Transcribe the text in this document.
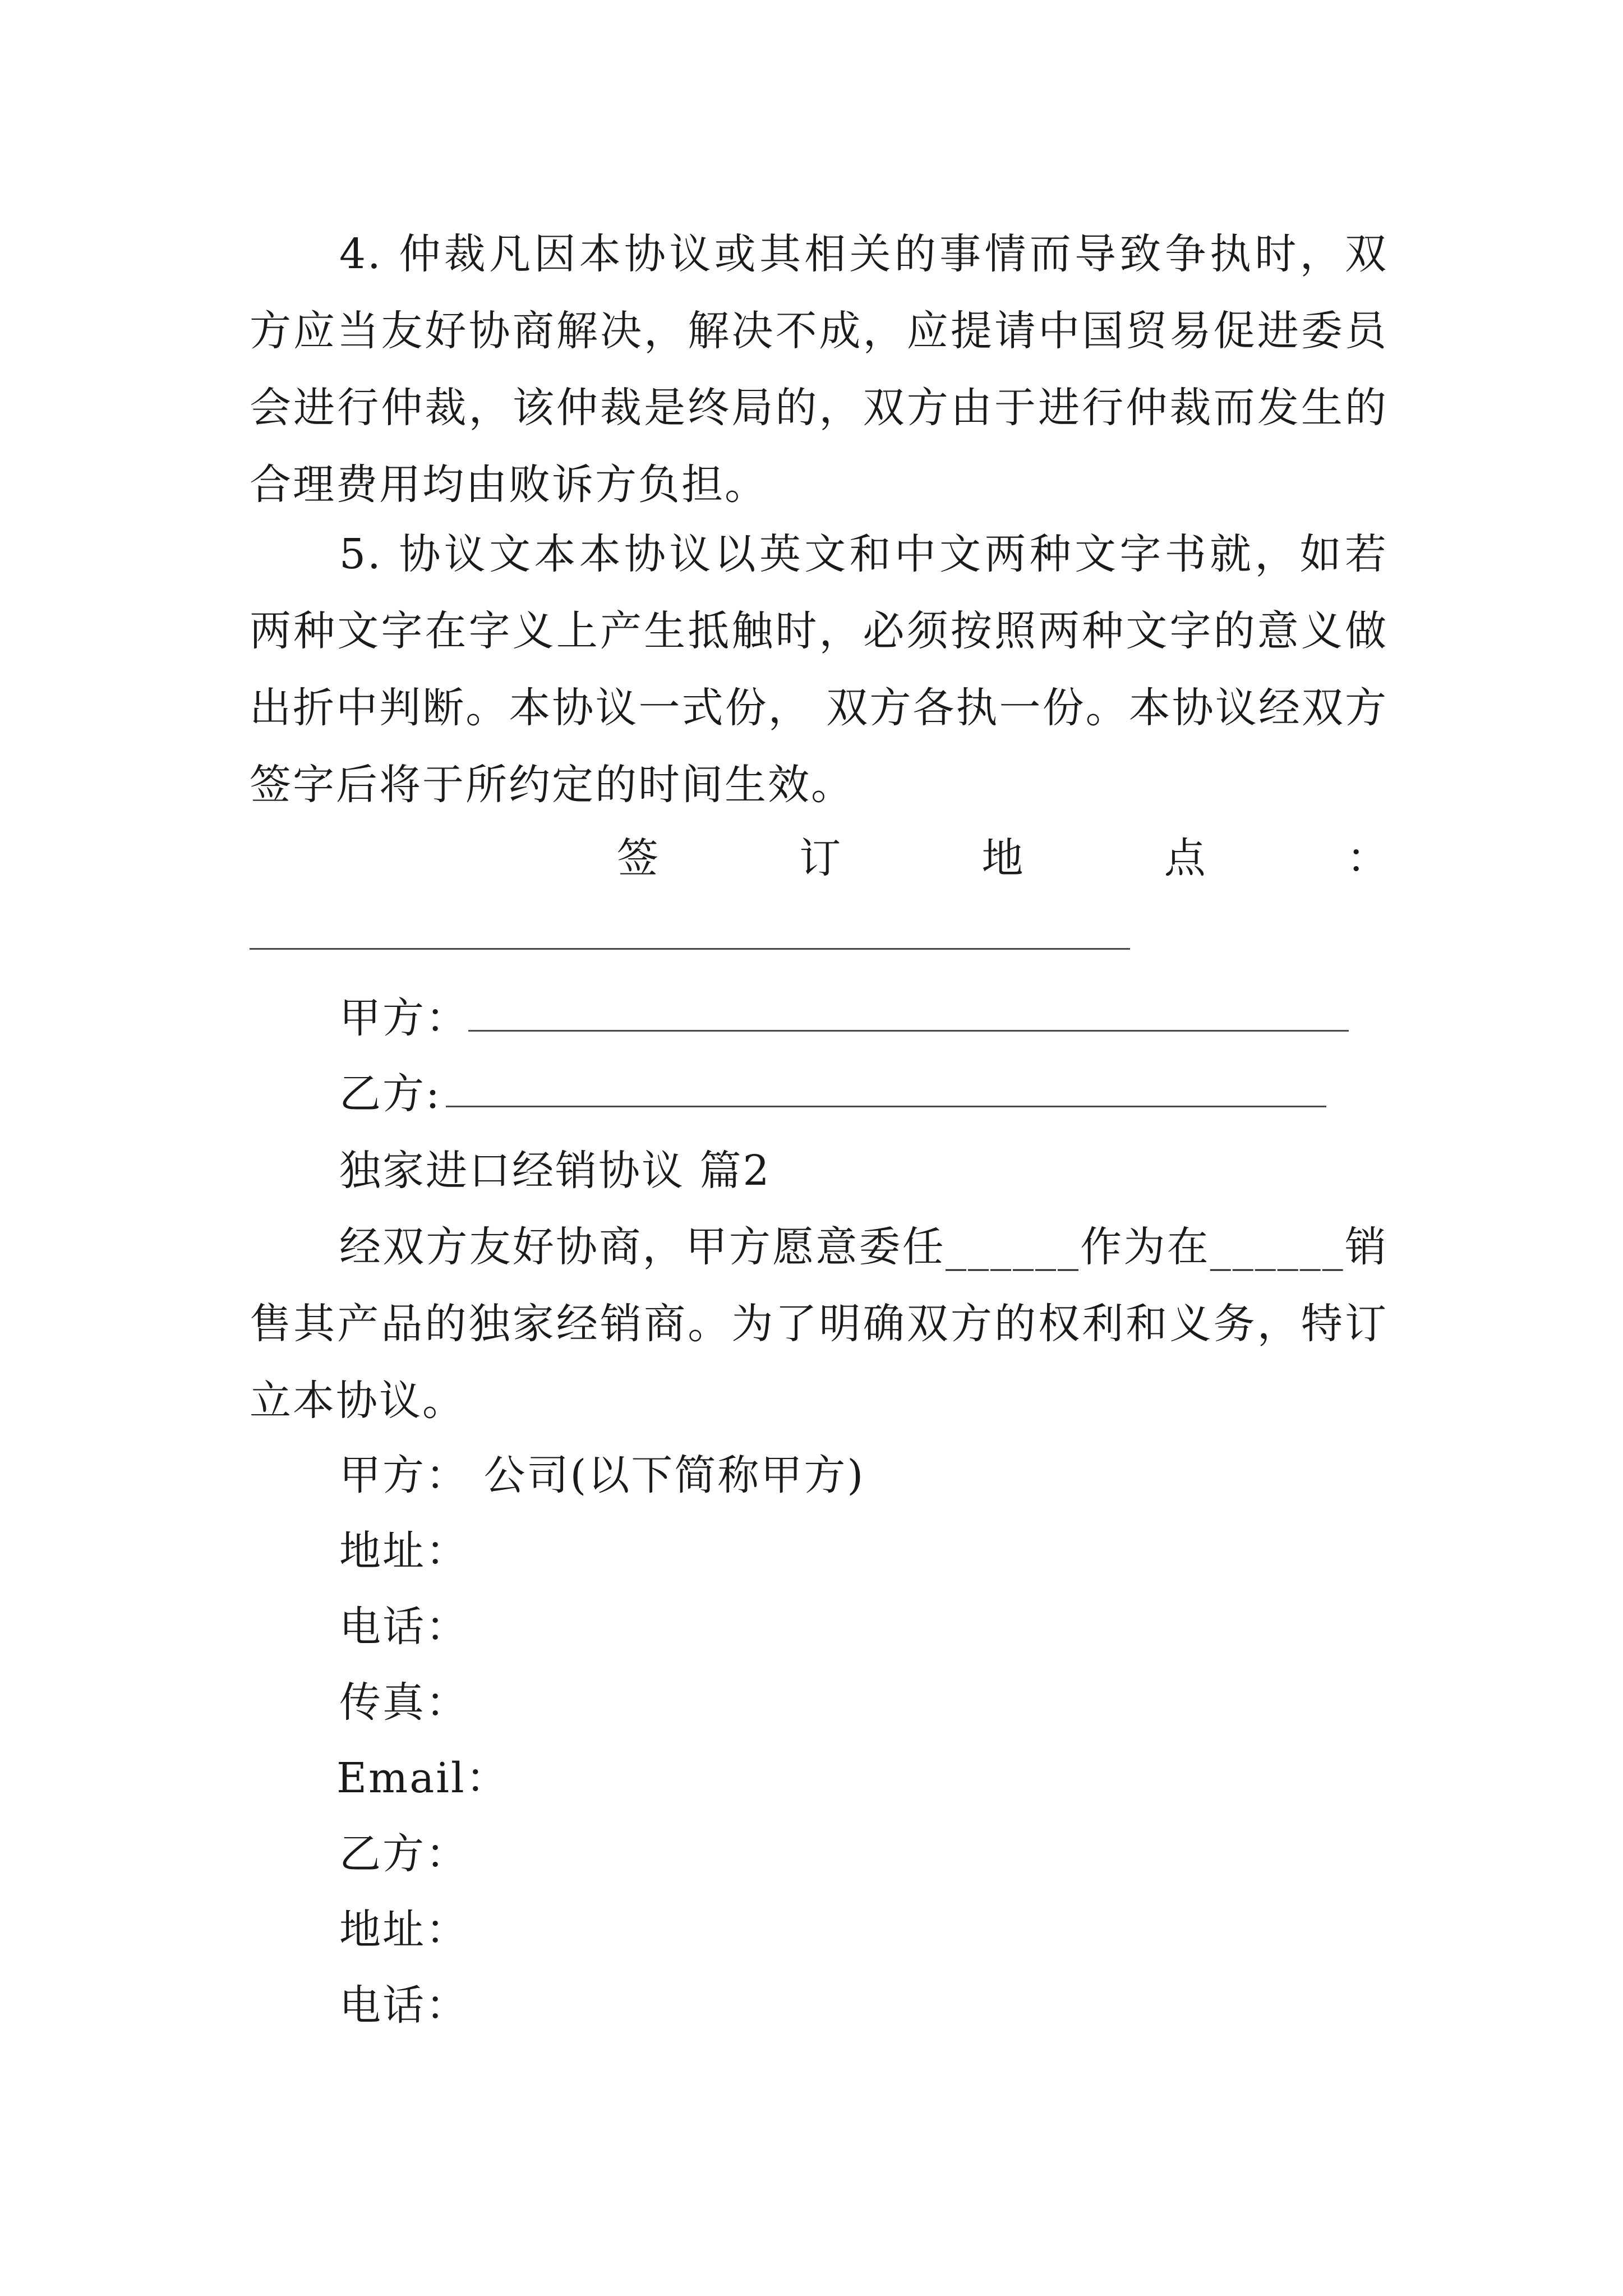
4. 仲裁凡因本协议或其相关的事情而导致争执时，双方应当友好协商解决，解决不成，应提请中国贸易促进委员会进行仲裁，该仲裁是终局的，双方由于进行仲裁而发生的合理费用均由败诉方负担。
5. 协议文本本协议以英文和中文两种文字书就，如若两种文字在字义上产生抵触时，必须按照两种文字的意义做出折中判断。本协议一式份， 双方各执一份。本协议经双方签字后将于所约定的时间生效。
签	订	地	点	：
甲方：
乙方:
独家进口经销协议 篇2
经双方友好协商，甲方愿意委任______作为在______销售其产品的独家经销商。为了明确双方的权利和义务，特订立本协议。
甲方： 公司(以下简称甲方)
地址：
电话：
传真：
Email：
乙方：
地址：
电话：
